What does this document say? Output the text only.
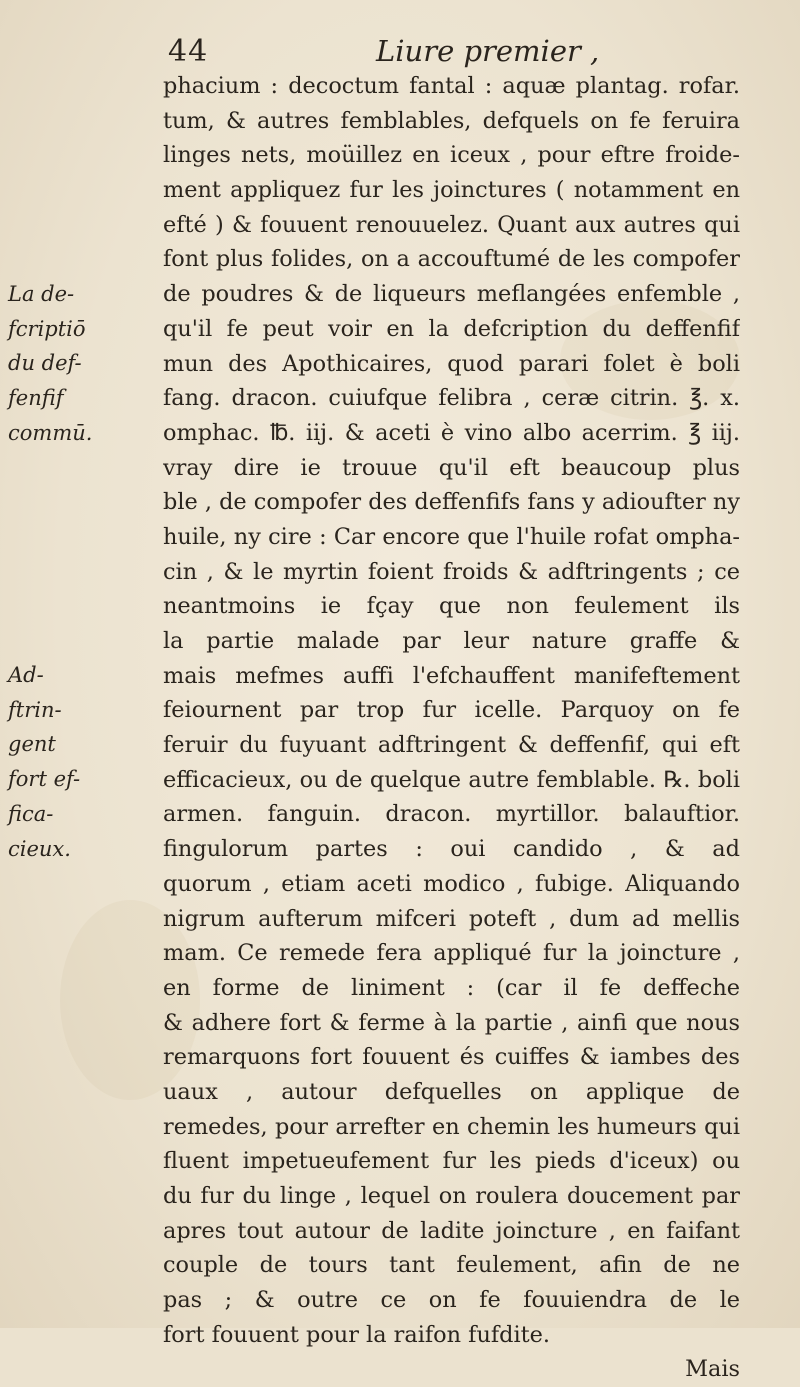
44	Liure premier ,
phacium : decoctum fantal : aquæ plantag. rofar.
tum, & autres femblables, defquels on fe feruira
linges nets, moüillez en iceux , pour eftre froide-
ment appliquez fur les joinctures ( notamment en
efté ) & fouuent renouuelez. Quant aux autres qui
font plus folides, on a accouftumé de les compofer
de poudres & de liqueurs meflangées enfemble ,
qu'il fe peut voir en la defcription du deffenfif
mun des Apothicaires, quod parari folet è boli
fang. dracon. cuiufque felibra , ceræ citrin. ℥. x.
omphac. ℔. iij. & aceti è vino albo acerrim. ℥ iij.
vray dire ie trouue qu'il eft beaucoup plus
ble , de compofer des deffenfifs fans y adioufter ny
huile, ny cire : Car encore que l'huile rofat ompha-
cin , & le myrtin foient froids & adftringents ; ce
neantmoins ie fçay que non feulement ils
la partie malade par leur nature graffe &
mais mefmes auffi l'efchauffent manifeftement
feiournent par trop fur icelle. Parquoy on fe
feruir du fuyuant adftringent & deffenfif, qui eft
efficacieux, ou de quelque autre femblable. ℞. boli
armen. fanguin. dracon. myrtillor. balauftior.
fingulorum partes : oui candido , & ad
quorum , etiam aceti modico , fubige. Aliquando
nigrum aufterum mifceri poteft , dum ad mellis
mam. Ce remede fera appliqué fur la joincture ,
en forme de liniment : (car il fe deffeche
& adhere fort & ferme à la partie , ainfi que nous
remarquons fort fouuent és cuiffes & iambes des
uaux , autour defquelles on applique de
remedes, pour arrefter en chemin les humeurs qui
fluent impetueufement fur les pieds d'iceux) ou
du fur du linge , lequel on roulera doucement par
apres tout autour de ladite joincture , en faifant
couple de tours tant feulement, afin de ne
pas ; & outre ce on fe fouuiendra de le
fort fouuent pour la raifon fufdite.
Mais
La de-
fcriptiō
du def-
fenfif
commū.
Ad-
ftrin-
gent
fort ef-
fica-
cieux.
